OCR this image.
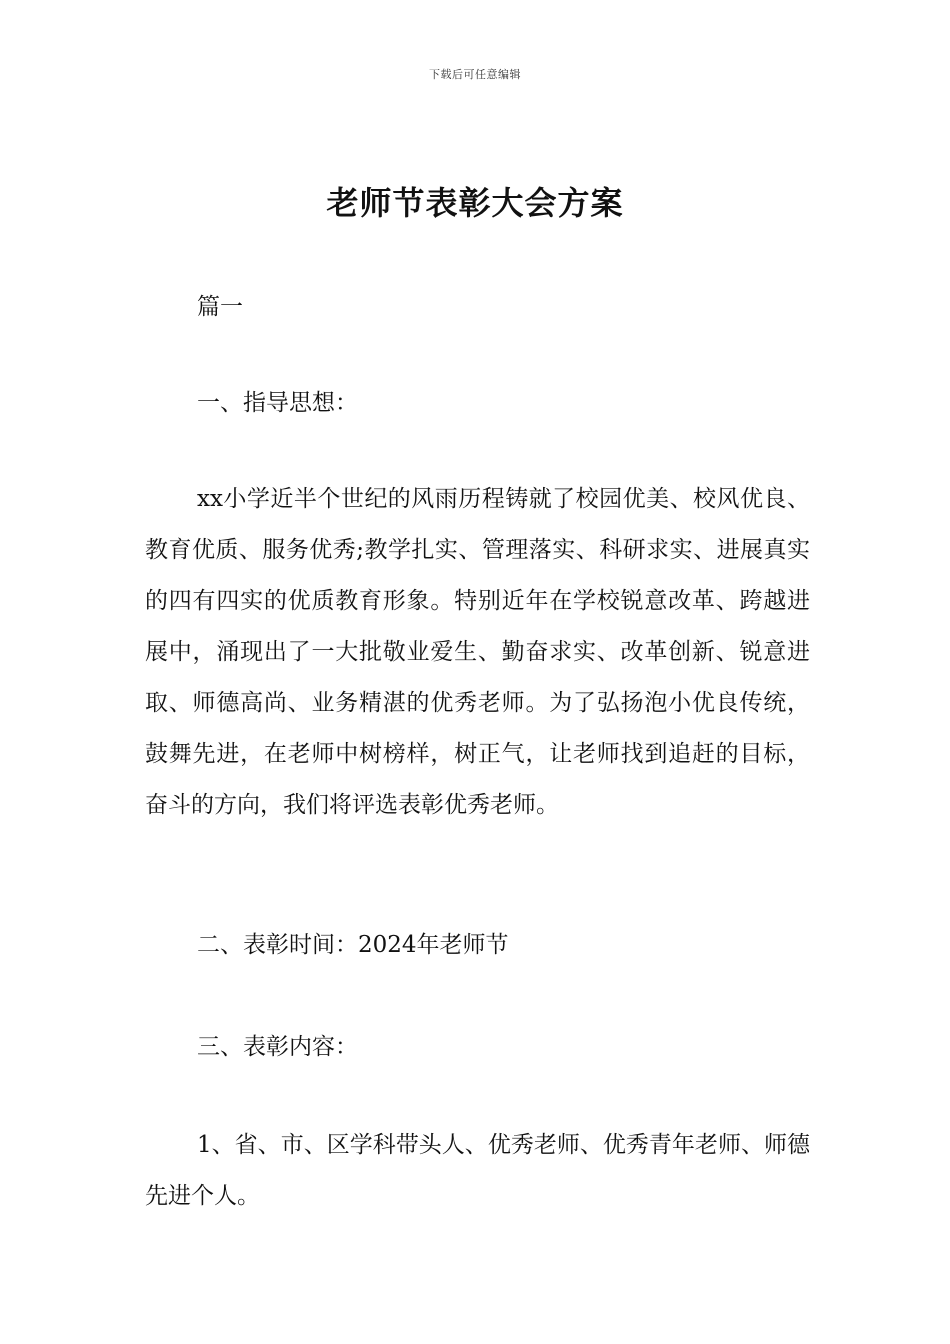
下载后可任意编辑
老师节表彰大会方案

篇一

一、指导思想：

xx小学近半个世纪的风雨历程铸就了校园优美、校风优良、教育优质、服务优秀;教学扎实、管理落实、科研求实、进展真实的四有四实的优质教育形象。特别近年在学校锐意改革、跨越进展中，涌现出了一大批敬业爱生、勤奋求实、改革创新、锐意进取、师德高尚、业务精湛的优秀老师。为了弘扬泡小优良传统，鼓舞先进，在老师中树榜样，树正气，让老师找到追赶的目标，奋斗的方向，我们将评选表彰优秀老师。

二、表彰时间：2024年老师节

三、表彰内容：

1、省、市、区学科带头人、优秀老师、优秀青年老师、师德先进个人。
